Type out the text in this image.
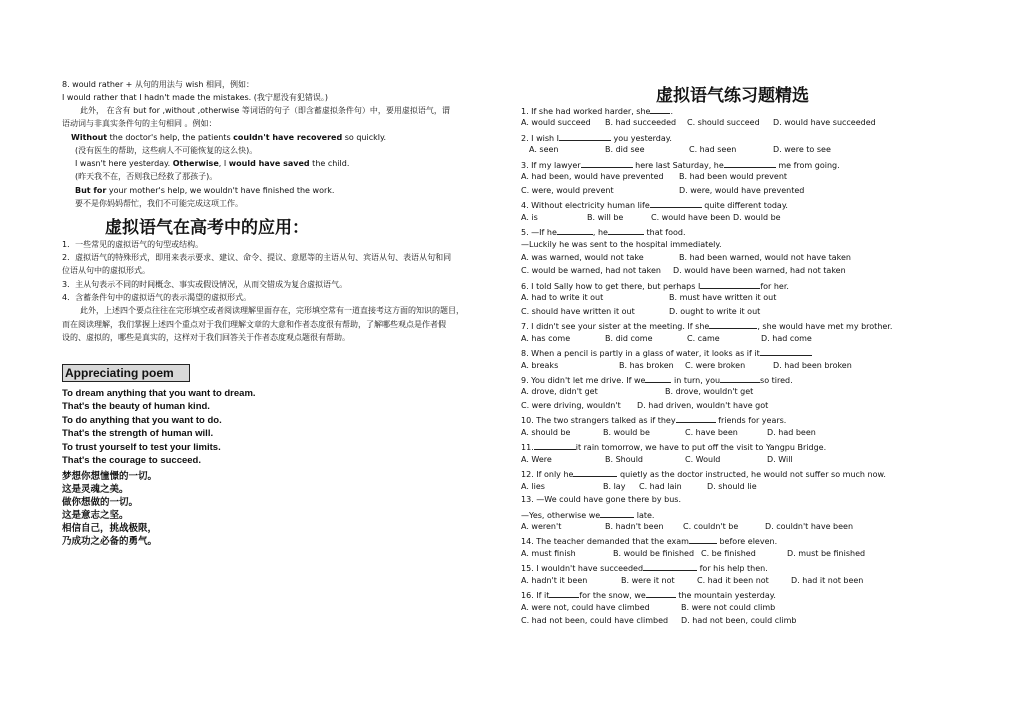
8. would rather + 从句的用法与 wish 相同，例如：
I would rather that I hadn't made the mistakes. (我宁愿没有犯错误。)
此外， 在含有 but for ,without ,otherwise 等词语的句子（即含蓄虚拟条件句）中，要用虚拟语气，谓
语动词与非真实条件句的主句相同 。例如：
Without the doctor's help, the patients couldn't have recovered so quickly.
(没有医生的帮助，这些病人不可能恢复的这么快)。
I wasn't here yesterday. Otherwise, I would have saved the child.
(昨天我不在，否则我已经救了那孩子)。
But for your mother's help, we wouldn't have finished the work.
要不是你妈妈帮忙，我们不可能完成这项工作。
虚拟语气在高考中的应用：
1．一些常见的虚拟语气的句型或结构。
2．虚拟语气的特殊形式，即用来表示要求、建议、命令、提议、意愿等的主语从句、宾语从句、表语从句和同
位语从句中的虚拟形式。
3．主从句表示不同的时间概念、事实或假设情况，从而交错成为复合虚拟语气。
4．含蓄条件句中的虚拟语气的表示渴望的虚拟形式。
此外，上述四个要点往往在完形填空或者阅读理解里面存在，完形填空常有一道直接考这方面的知识的题目，
而在阅读理解，我们掌握上述四个重点对于我们理解文章的大意和作者态度很有帮助，了解哪些观点是作者假
设的、虚拟的，哪些是真实的，这样对于我们回答关于作者态度观点题很有帮助。
Appreciating poem
To dream anything that you want to dream.
That's the beauty of human kind.
To do anything that you want to do.
That's the strength of human will.
To trust yourself to test your limits.
That's the courage to succeed.
梦想你想憧憬的一切。
这是灵魂之美。
做你想做的一切。
这是意志之坚。
相信自己，挑战极限，
乃成功之必备的勇气。
虚拟语气练习题精选
1. If she had worked harder, she	.
A. would succeed B. had succeeded C. should succeed D. would have succeeded
2. I wish I	you yesterday.
A. seen	B. did see	C. had seen	D. were to see
3. If my lawyer	here last Saturday, he	me from going.
A. had been, would have prevented B. had been would prevent
C. were, would prevent	D. were, would have prevented
4. Without electricity human life	quite different today.
A. is	B. will be	C. would have been D. would be
5. —If he	, he	that food.
—Luckily he was sent to the hospital immediately.
A. was warned, would not take	B. had been warned, would not have taken
C. would be warned, had not taken D. would have been warned, had not taken
6. I told Sally how to get there, but perhaps I	for her.
A. had to write it out	B. must have written it out
C. should have written it out	D. ought to write it out
7. I didn't see your sister at the meeting. If she	, she would have met my brother.
A. has come	B. did come	C. came	D. had come
8. When a pencil is partly in a glass of water, it looks as if it
A. breaks	B. has broken C. were broken	D. had been broken
9. You didn't let me drive. If we	in turn, you	so tired.
A. drove, didn't get	B. drove, wouldn't get
C. were driving, wouldn't D. had driven, wouldn't have got
10. The two strangers talked as if they	friends for years.
A. should be	B. would be	C. have been	D. had been
11.	it rain tomorrow, we have to put off the visit to Yangpu Bridge.
A. Were	B. Should	C. Would	D. Will
12. If only he	quietly as the doctor instructed, he would not suffer so much now.
A. lies	B. lay C. had lain	D. should lie
13. —We could have gone there by bus.
—Yes, otherwise we	late.
A. weren't	B. hadn't been C. couldn't be	D. couldn't have been
14. The teacher demanded that the exam	before eleven.
A. must finish	B. would be finished C. be finished	D. must be finished
15. I wouldn't have succeeded	for his help then.
A. hadn't it been	B. were it not	C. had it been not	D. had it not been
16. If it	for the snow, we	the mountain yesterday.
A. were not, could have climbed	B. were not could climb
C. had not been, could have climbed D. had not been, could climb
